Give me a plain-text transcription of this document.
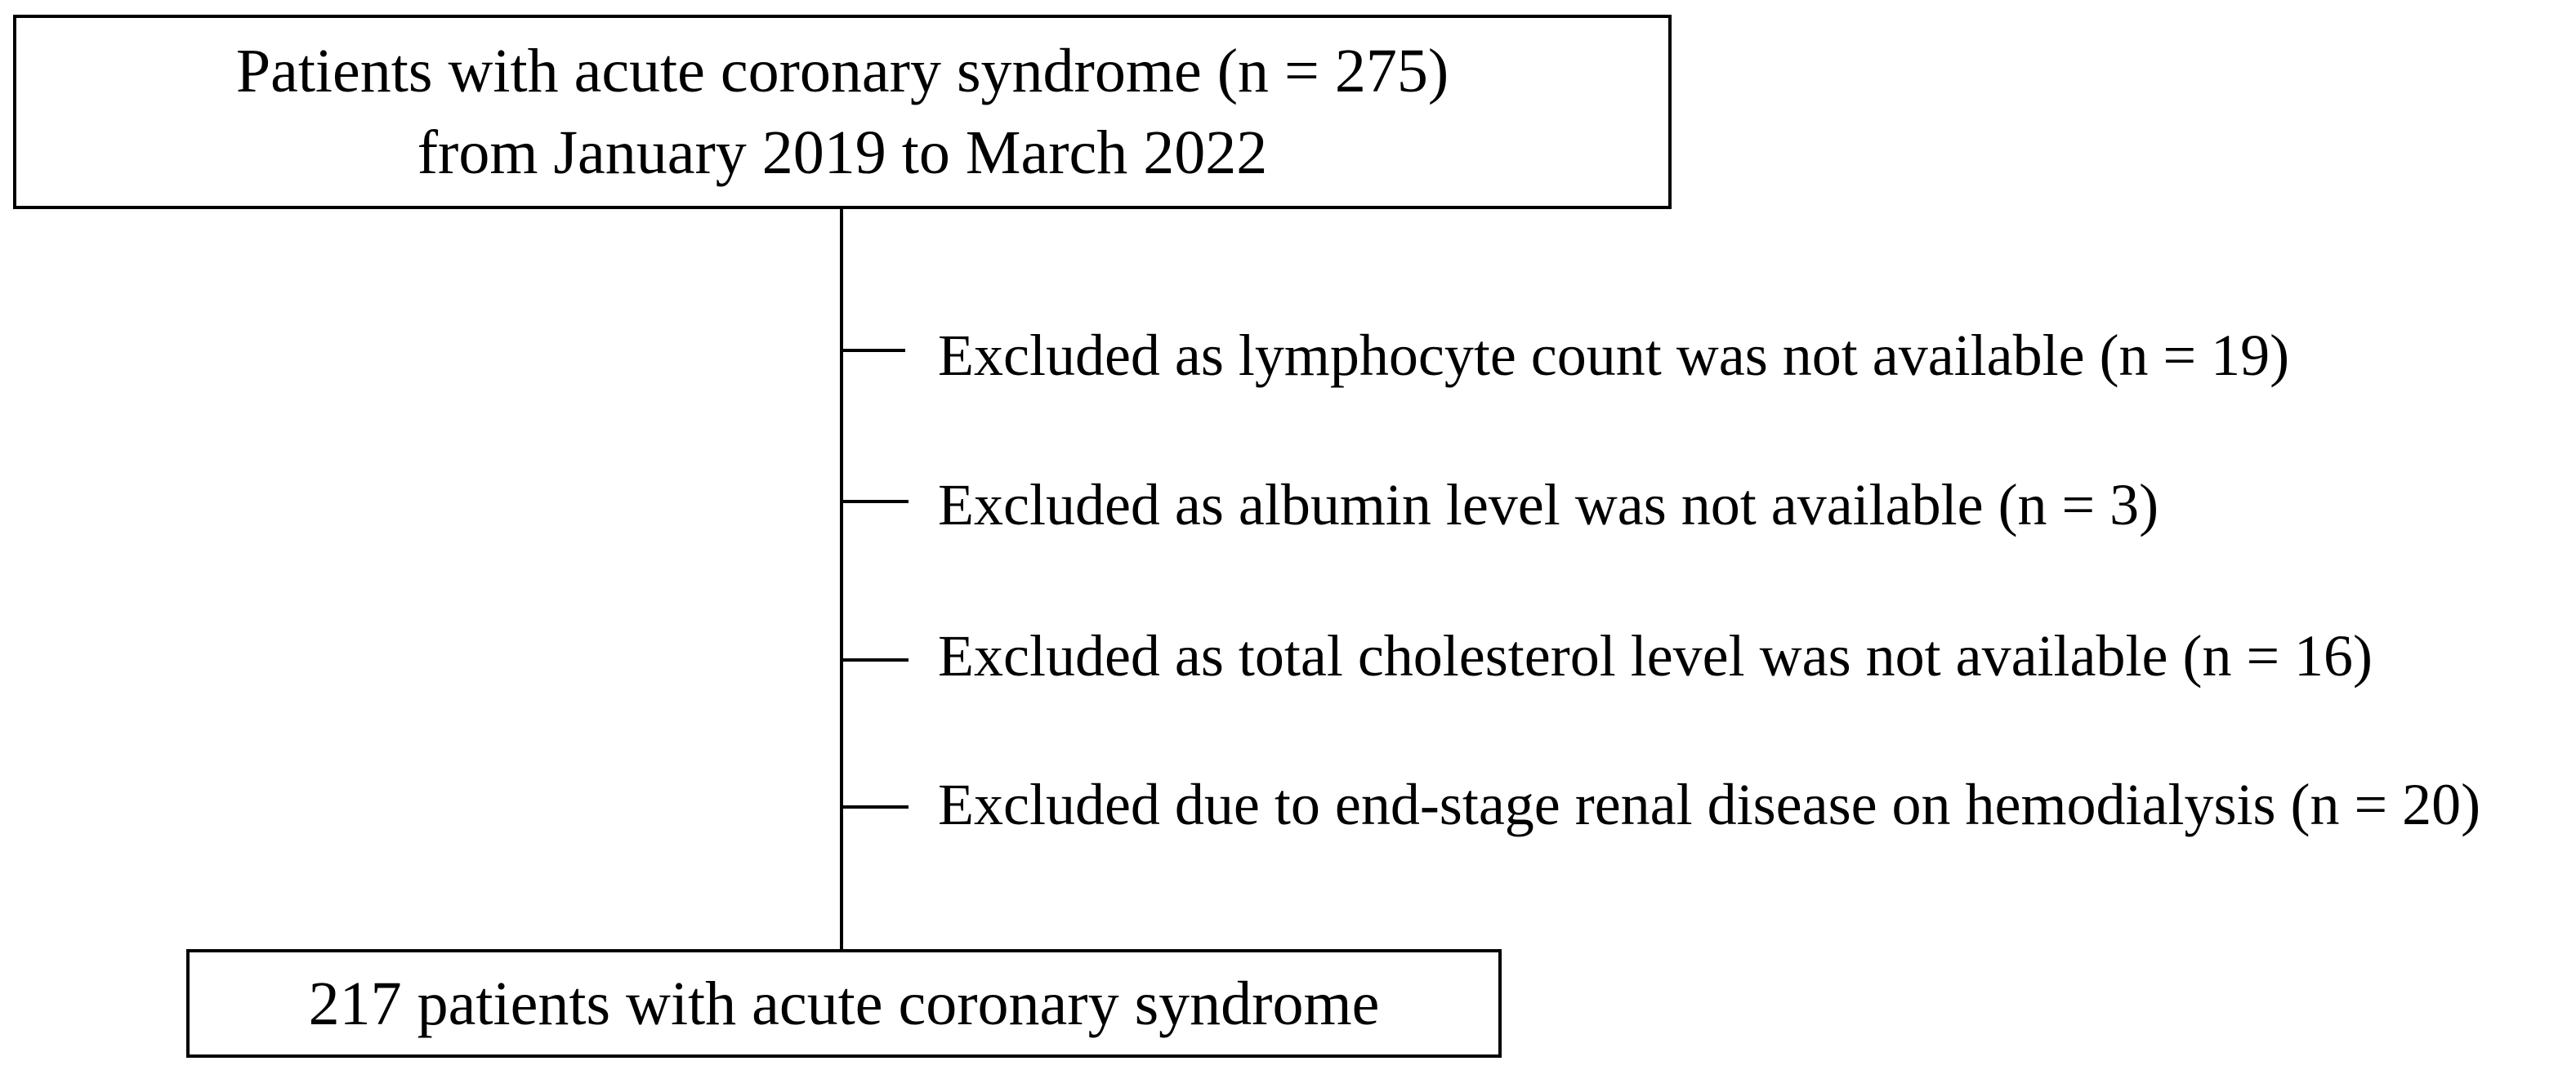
Patients with acute coronary syndrome (n = 275)
from January 2019 to March 2022
Excluded as lymphocyte count was not available (n = 19)
Excluded as albumin level was not available (n = 3)
Excluded as total cholesterol level was not available (n = 16)
Excluded due to end-stage renal disease on hemodialysis (n = 20)
217 patients with acute coronary syndrome
